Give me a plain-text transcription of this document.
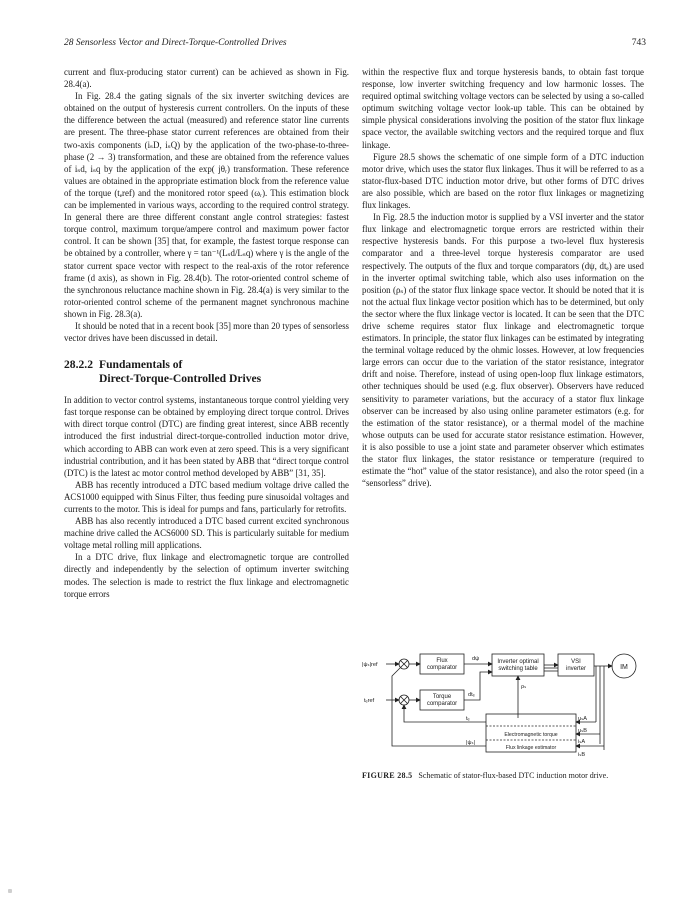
28 Sensorless Vector and Direct-Torque-Controlled Drives	743

current and flux-producing stator current) can be achieved as shown in Fig. 28.4(a).

In Fig. 28.4 the gating signals of the six inverter switching devices are obtained on the output of hysteresis current controllers. On the inputs of these the difference between the actual (measured) and reference stator line currents are present. The three-phase stator current references are obtained from their two-axis components (iₛD, iₛQ) by the application of the two-phase-to-three-phase (2 → 3) transformation, and these are obtained from the reference values of iₛd, iₛq by the application of the exp( jθᵣ) transformation. These reference values are obtained in the appropriate estimation block from the reference value of the torque (tₑref) and the monitored rotor speed (ωᵣ). This estimation block can be implemented in various ways, according to the required control strategy. In general there are three different constant angle control strategies: fastest torque control, maximum torque/ampere control and maximum power factor control. It can be shown [35] that, for example, the fastest torque response can be obtained by a controller, where γ = tan⁻¹(Lₛd/Lₛq) where γ is the angle of the stator current space vector with respect to the real-axis of the rotor reference frame (d axis), as shown in Fig. 28.4(b). The rotor-oriented control scheme of the synchronous reluctance machine shown in Fig. 28.4(a) is very similar to the rotor-oriented control scheme of the permanent magnet synchronous machine shown in Fig. 28.3(a).

It should be noted that in a recent book [35] more than 20 types of sensorless vector drives have been discussed in detail.

28.2.2 Fundamentals of
Direct-Torque-Controlled Drives

In addition to vector control systems, instantaneous torque control yielding very fast torque response can be obtained by employing direct torque control. Drives with direct torque control (DTC) are finding great interest, since ABB recently introduced the first industrial direct-torque-controlled induction motor drive, which according to ABB can work even at zero speed. This is a very significant industrial contribution, and it has been stated by ABB that “direct torque control (DTC) is the latest ac motor control method developed by ABB” [31, 35].

ABB has recently introduced a DTC based medium voltage drive called the ACS1000 equipped with Sinus Filter, thus feeding pure sinusoidal voltages and currents to the motor. This is ideal for pumps and fans, particularly for retrofits.

ABB has also recently introduced a DTC based current excited synchronous machine drive called the ACS6000 SD. This is particularly suitable for medium voltage metal rolling mill applications.

In a DTC drive, flux linkage and electromagnetic torque are controlled directly and independently by the selection of optimum inverter switching modes. The selection is made to restrict the flux linkage and electromagnetic torque errors

within the respective flux and torque hysteresis bands, to obtain fast torque response, low inverter switching frequency and low harmonic losses. The required optimal switching voltage vectors can be selected by using a so-called optimum switching voltage vector look-up table. This can be obtained by simple physical considerations involving the position of the stator flux linkage space vector, the available switching vectors and the required torque and flux linkage.

Figure 28.5 shows the schematic of one simple form of a DTC induction motor drive, which uses the stator flux linkages. Thus it will be referred to as a stator-flux-based DTC induction motor drive, but other forms of DTC drives are also possible, which are based on the rotor flux linkages or magnetizing flux linkages.

In Fig. 28.5 the induction motor is supplied by a VSI inverter and the stator flux linkage and electromagnetic torque errors are restricted within their respective hysteresis bands. For this purpose a two-level flux hysteresis comparator and a three-level torque hysteresis comparator are used respectively. The outputs of the flux and torque comparators (dψ, dtₑ) are used in the inverter optimal switching table, which also uses information on the position (ρₛ) of the stator flux linkage space vector. It should be noted that it is not the actual flux linkage vector position which has to be determined, but only the sector where the flux linkage vector is located. It can be seen that the DTC drive scheme requires stator flux linkage and electromagnetic torque estimators. In principle, the stator flux linkages can be estimated by integrating the terminal voltage reduced by the ohmic losses. However, at low frequencies large errors can occur due to the variation of the stator resistance, integrator drift and noise. Therefore, instead of using open-loop flux linkage estimators, other techniques should be used (e.g. flux observer). Observers have reduced sensitivity to parameter variations, but the accuracy of a stator flux linkage observer can be increased by also using online parameter estimators (e.g. for the estimation of the stator resistance), or a thermal model of the machine whose outputs can be used for accurate stator resistance estimation. However, it is also possible to use a joint state and parameter observer which estimates the stator flux linkages, the stator resistance or temperature (required to estimate the “hot” value of the stator resistance), and also the rotor speed (in a “sensorless” drive).

Flux
comparator
Torque
comparator
Inverter optimal
switching table
VSI
inverter	IM
Electromagnetic torque
Flux linkage estimator
|ψₛ|ref
tₑref
dψ
dtₑ
ρₛ
tₑ
|ψₛ|
uₛA
uₛB
iₛA
iₛB
FIGURE 28.5 Schematic of stator-flux-based DTC induction motor drive.
